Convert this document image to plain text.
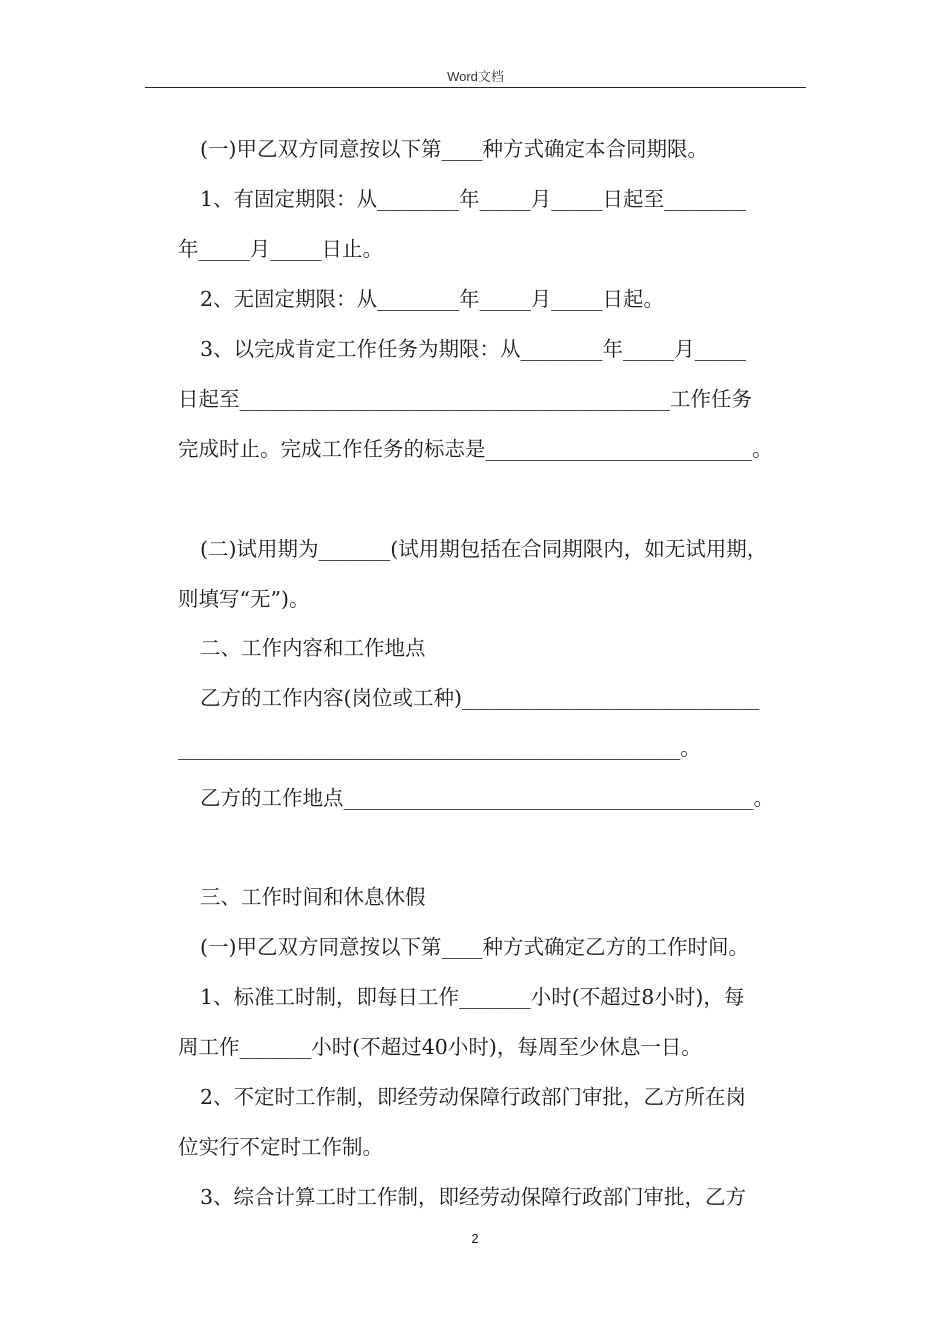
Word文档
(一)甲乙双方同意按以下第____种方式确定本合同期限。
1、有固定期限：从________年_____月_____日起至________
年_____月_____日止。
2、无固定期限：从________年_____月_____日起。
3、以完成肯定工作任务为期限：从________年_____月_____
日起至__________________________________________工作任务
完成时止。完成工作任务的标志是__________________________。
(二)试用期为_______(试用期包括在合同期限内，如无试用期，
则填写“无”)。
二、工作内容和工作地点
乙方的工作内容(岗位或工种)_____________________________
_________________________________________________。
乙方的工作地点________________________________________。
三、工作时间和休息休假
(一)甲乙双方同意按以下第____种方式确定乙方的工作时间。
1、标准工时制，即每日工作_______小时(不超过8小时)，每
周工作_______小时(不超过40小时)，每周至少休息一日。
2、不定时工作制，即经劳动保障行政部门审批，乙方所在岗
位实行不定时工作制。
3、综合计算工时工作制，即经劳动保障行政部门审批，乙方
2
